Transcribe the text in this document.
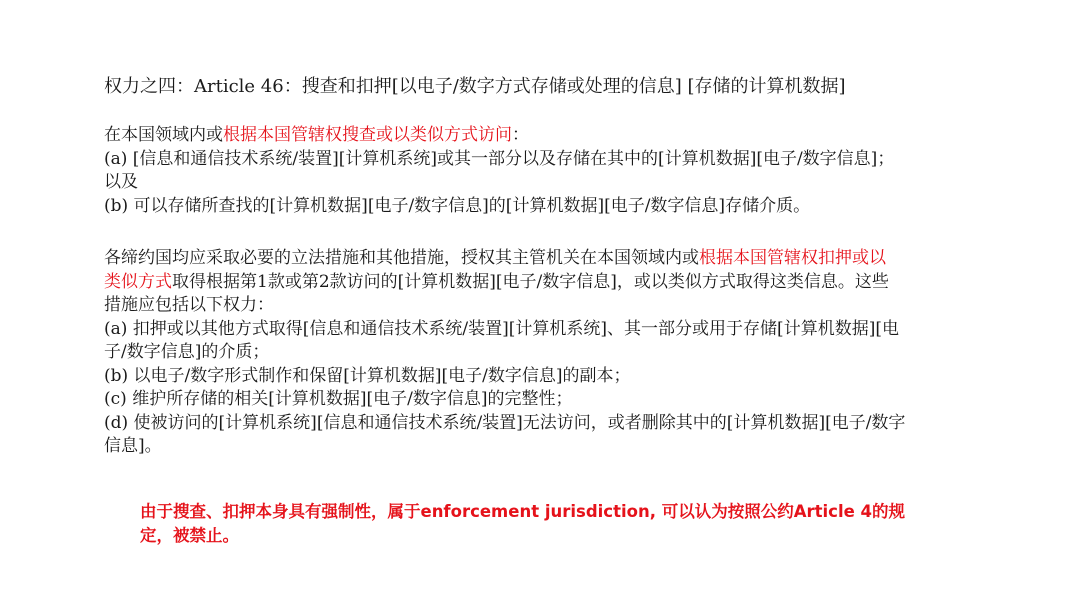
权力之四：Article 46：搜查和扣押[以电子/数字方式存储或处理的信息] [存储的计算机数据]
在本国领域内或根据本国管辖权搜查或以类似方式访问：
(a) [信息和通信技术系统/装置][计算机系统]或其一部分以及存储在其中的[计算机数据][电子/数字信息]；
以及
(b) 可以存储所查找的[计算机数据][电子/数字信息]的[计算机数据][电子/数字信息]存储介质。
各缔约国均应采取必要的立法措施和其他措施，授权其主管机关在本国领域内或根据本国管辖权扣押或以
类似方式取得根据第1款或第2款访问的[计算机数据][电子/数字信息]，或以类似方式取得这类信息。这些
措施应包括以下权力：
(a) 扣押或以其他方式取得[信息和通信技术系统/装置][计算机系统]、其一部分或用于存储[计算机数据][电
子/数字信息]的介质；
(b) 以电子/数字形式制作和保留[计算机数据][电子/数字信息]的副本；
(c) 维护所存储的相关[计算机数据][电子/数字信息]的完整性；
(d) 使被访问的[计算机系统][信息和通信技术系统/装置]无法访问，或者删除其中的[计算机数据][电子/数字
信息]。
由于搜查、扣押本身具有强制性，属于enforcement jurisdiction, 可以认为按照公约Article 4的规
定，被禁止。
